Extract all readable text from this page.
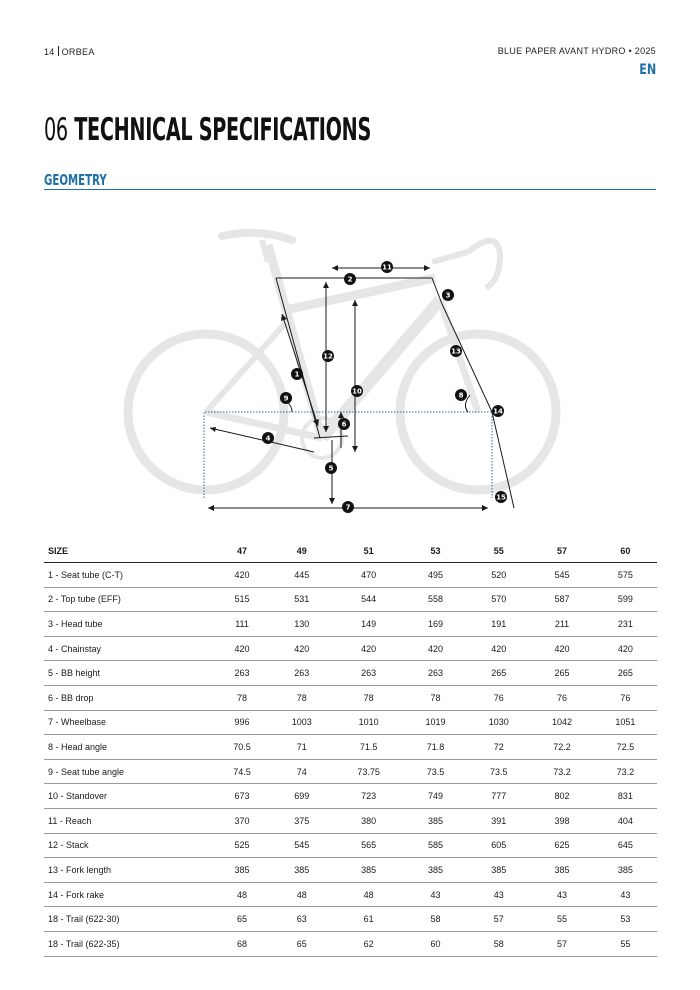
14 ORBEA	BLUE PAPER AVANT HYDRO • 2025
EN
06 TECHNICAL SPECIFICATIONS
GEOMETRY
1
2
3
4
5
6
7
8
9
10
11
12
13
14
15
SIZE	47	49	51	53	55	57	60
1 - Seat tube (C-T)	420	445	470	495	520	545	575
2 - Top tube (EFF)	515	531	544	558	570	587	599
3 - Head tube	111	130	149	169	191	211	231
4 - Chainstay	420	420	420	420	420	420	420
5 - BB height	263	263	263	263	265	265	265
6 - BB drop	78	78	78	78	76	76	76
7 - Wheelbase	996	1003	1010	1019	1030	1042	1051
8 - Head angle	70.5	71	71.5	71.8	72	72.2	72.5
9 - Seat tube angle	74.5	74	73.75	73.5	73.5	73.2	73.2
10 - Standover	673	699	723	749	777	802	831
11 - Reach	370	375	380	385	391	398	404
12 - Stack	525	545	565	585	605	625	645
13 - Fork length	385	385	385	385	385	385	385
14 - Fork rake	48	48	48	43	43	43	43
18 - Trail (622-30)	65	63	61	58	57	55	53
18 - Trail (622-35)	68	65	62	60	58	57	55
